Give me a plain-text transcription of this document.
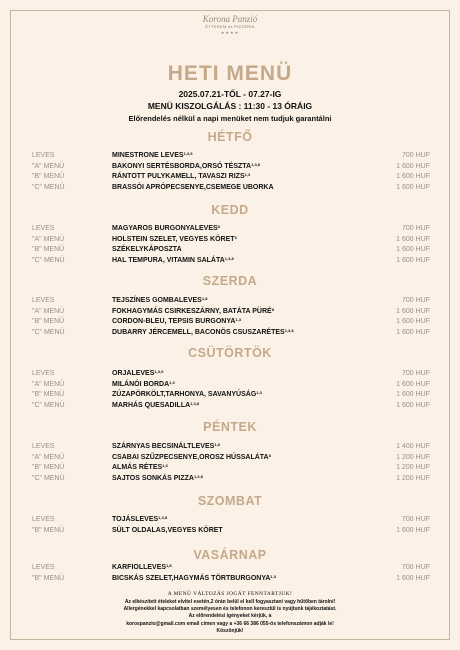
Korona Panzió
ÉTTEREM és PIZZÉRIA
★★★★
HETI MENÜ
2025.07.21-TŐL - 07.27-IG
MENÜ KISZOLGÁLÁS : 11:30 - 13 ÓRÁIG
Előrendelés nélkül a napi menüket nem tudjuk garantálni
HÉTFŐ
LEVES	MINESTRONE LEVES$^{1,3,9}$	700 HUF
"A" MENÜ	BAKONYI SERTÉSBORDA,ORSÓ TÉSZTA$^{1,3,8}$	1 600 HUF
"B" MENÜ	RÁNTOTT PULYKAMELL, TAVASZI RIZS$^{1,3}$	1 600 HUF
"C" MENÜ	BRASSÓI APRÓPECSENYE,CSEMEGE UBORKA	1 600 HUF
KEDD
LEVES	MAGYAROS BURGONYALEVES$^8$	700 HUF
"A" MENÜ	HOLSTEIN SZELET, VEGYES KÖRET$^3$	1 600 HUF
"B" MENÜ	SZÉKELYKÁPOSZTA	1 600 HUF
"C" MENÜ	HAL TEMPURA, VITAMIN SALÁTA$^{1,3,8}$	1 600 HUF
SZERDA
LEVES	TEJSZÍNES GOMBALEVES$^{1,8}$	700 HUF
"A" MENÜ	FOKHAGYMÁS CSIRKESZÁRNY, BATÁTA PÜRÉ$^8$	1 600 HUF
"B" MENÜ	CORDON-BLEU, TEPSIS BURGONYA$^{1,3}$	1 600 HUF
"C" MENÜ	DUBARRY JÉRCEMELL, BACONÖS CSUSZARÉTES$^{1,3,8}$	1 600 HUF
CSÜTÖRTÖK
LEVES	ORJALEVES$^{1,3,9}$	700 HUF
"A" MENÜ	MILÁNÓI BORDA$^{1,3}$	1 600 HUF
"B" MENÜ	ZÚZAPÖRKÖLT,TARHONYA, SAVANYÚSÁG$^{1,3}$	1 600 HUF
"C" MENÜ	MARHÁS QUESADILLA$^{1,3,8}$	1 600 HUF
PÉNTEK
LEVES	SZÁRNYAS BECSINÁLTLEVES$^{1,8}$	1 400 HUF
"A" MENÜ	CSABAI SZŰZPECSENYE,OROSZ HÚSSALÁTA$^8$	1 200 HUF
"B" MENÜ	ALMÁS RÉTES$^{1,3}$	1 200 HUF
"C" MENÜ	SAJTOS SONKÁS PIZZA$^{1,3,8}$	1 200 HUF
SZOMBAT
LEVES	TOJÁSLEVES$^{1,3,8}$	700 HUF
"B" MENÜ	SÜLT OLDALAS,VEGYES KÖRET	1 600 HUF
VASÁRNAP
LEVES	KARFIOLLEVES$^{1,8}$	700 HUF
"B" MENÜ	BICSKÁS SZELET,HAGYMÁS TÖRTBURGONYA$^{1,3}$	1 600 HUF
A MENÜ VÁLTOZÁS JOGÁT FENNTARTJUK!
Az elkészített ételeket elvitel esetén,2 órán belül el kell fogyasztani vagy hűtőben tárolni!
Allergénekkel kapcsolatban személyesen és telefonon keresztül is nyújtunk tájékoztatást.
Az előrendelési igényeket kérjük, a
korospanzio@gmail.com email címen vagy a +36 66 386 055-ös telefonszámon adják le!
Köszönjük!
